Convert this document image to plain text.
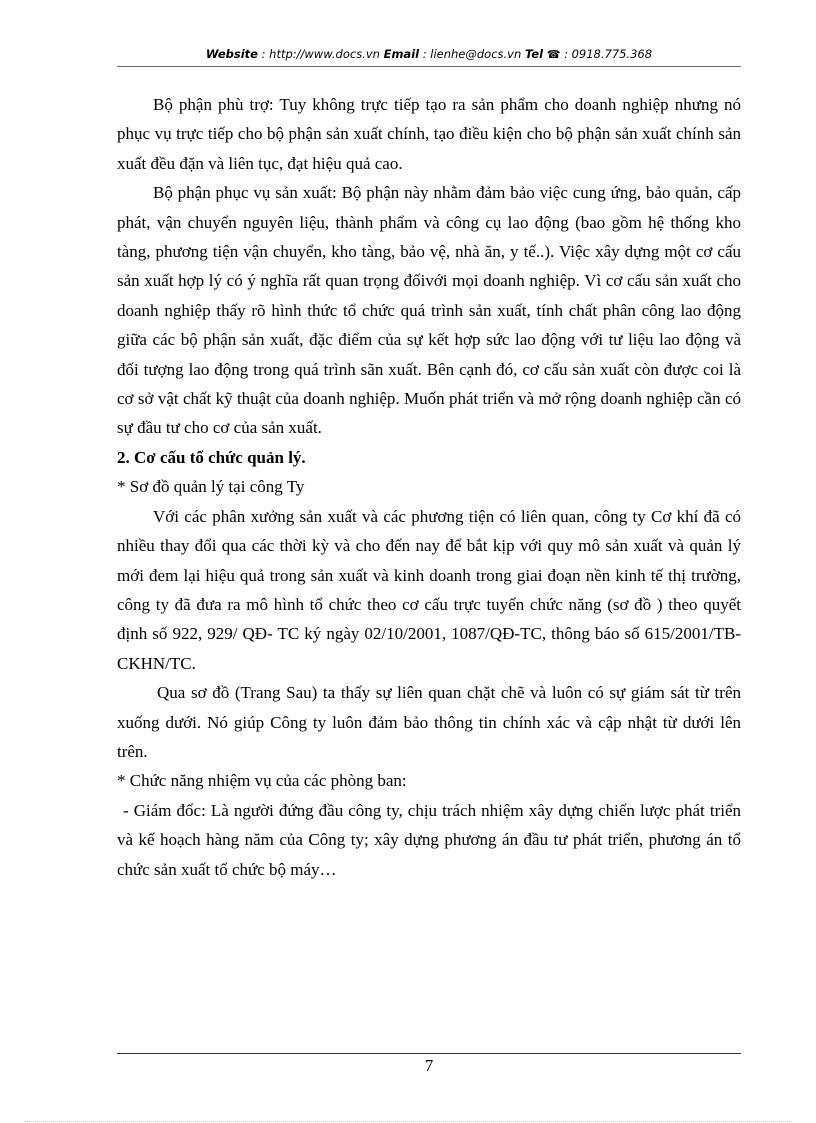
Website : http://www.docs.vn Email : lienhe@docs.vn Tel ☎ : 0918.775.368

Bộ phận phù trợ: Tuy không trực tiếp tạo ra sản phẩm cho doanh nghiệp nhưng nó phục vụ trực tiếp cho bộ phận sản xuất chính, tạo điều kiện cho bộ phận sản xuất chính sản xuất đều đặn và liên tục, đạt hiệu quả cao.

Bộ phận phục vụ sản xuất: Bộ phận này nhằm đảm bảo việc cung ứng, bảo quản, cấp phát, vận chuyển nguyên liệu, thành phẩm và công cụ lao động (bao gồm hệ thống kho tàng, phương tiện vận chuyển, kho tàng, bảo vệ, nhà ăn, y tế..). Việc xây dựng một cơ cấu sản xuất hợp lý có ý nghĩa rất quan trọng đốivới mọi doanh nghiệp. Vì cơ cấu sản xuất cho doanh nghiệp thấy rõ hình thức tổ chức quá trình sản xuất, tính chất phân công lao động giữa các bộ phận sản xuất, đặc điểm của sự kết hợp sức lao động với tư liệu lao động và đối tượng lao động trong quá trình sãn xuất. Bên cạnh đó, cơ cấu sản xuất còn được coi là cơ sở vật chất kỹ thuật của doanh nghiệp. Muốn phát triển và mở rộng doanh nghiệp cần có sự đầu tư cho cơ của sản xuất.

2. Cơ cấu tổ chức quản lý.

* Sơ đồ quản lý tại công Ty

Với các phân xưởng sản xuất và các phương tiện có liên quan, công ty Cơ khí đã có nhiều thay đổi qua các thời kỳ và cho đến nay để bắt kịp với quy mô sản xuất và quản lý mới đem lại hiệu quả trong sản xuất và kinh doanh trong giai đoạn nền kinh tế thị trường, công ty đã đưa ra mô hình tổ chức theo cơ cấu trực tuyến chức năng (sơ đồ ) theo quyết định số 922, 929/ QĐ- TC ký ngày 02/10/2001, 1087/QĐ-TC, thông báo số 615/2001/TB-CKHN/TC.

Qua sơ đồ (Trang Sau) ta thấy sự liên quan chặt chẽ và luôn có sự giám sát từ trên xuống dưới. Nó giúp Công ty luôn đảm bảo thông tin chính xác và cập nhật từ dưới lên trên.

* Chức năng nhiệm vụ của các phòng ban:

- Giám đốc: Là người đứng đầu công ty, chịu trách nhiệm xây dựng chiến lược phát triển và kế hoạch hàng năm của Công ty; xây dựng phương án đầu tư phát triển, phương án tổ chức sản xuất tổ chức bộ máy…

7
